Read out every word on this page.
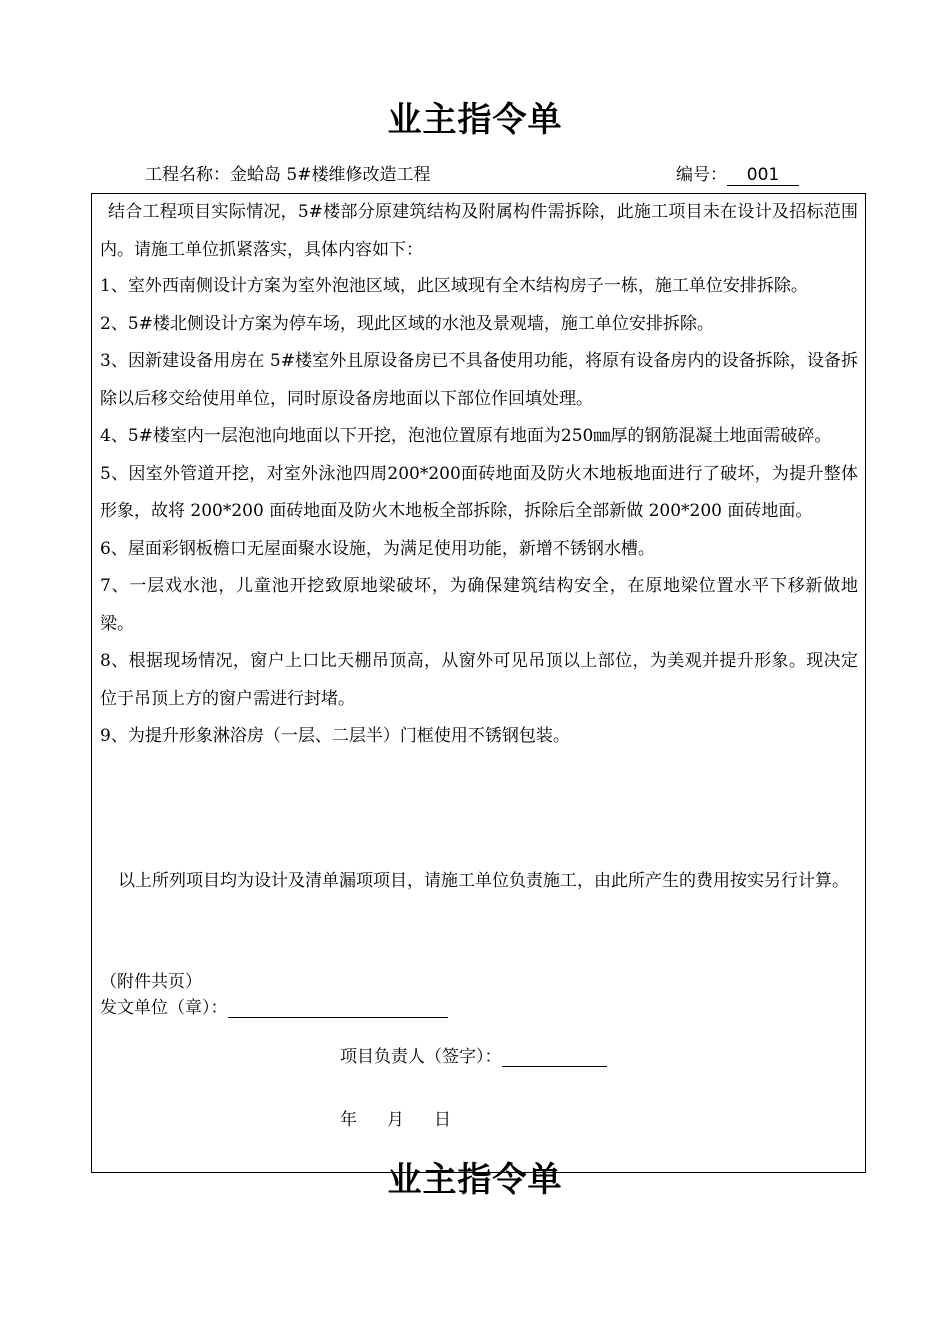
业主指令单
工程名称：金蛤岛 5#楼维修改造工程	编号： 001

结合工程项目实际情况，5#楼部分原建筑结构及附属构件需拆除，此施工项目未在设计及招标范围内。请施工单位抓紧落实，具体内容如下：

1、室外西南侧设计方案为室外泡池区域，此区域现有全木结构房子一栋，施工单位安排拆除。

2、5#楼北侧设计方案为停车场，现此区域的水池及景观墙，施工单位安排拆除。

3、因新建设备用房在 5#楼室外且原设备房已不具备使用功能，将原有设备房内的设备拆除，设备拆除以后移交给使用单位，同时原设备房地面以下部位作回填处理。

4、5#楼室内一层泡池向地面以下开挖，泡池位置原有地面为250㎜厚的钢筋混凝土地面需破碎。

5、因室外管道开挖，对室外泳池四周200*200面砖地面及防火木地板地面进行了破坏，为提升整体形象，故将 200*200 面砖地面及防火木地板全部拆除，拆除后全部新做 200*200 面砖地面。

6、屋面彩钢板檐口无屋面聚水设施，为满足使用功能，新增不锈钢水槽。

7、一层戏水池，儿童池开挖致原地梁破坏，为确保建筑结构安全，在原地梁位置水平下移新做地梁。

8、根据现场情况，窗户上口比天棚吊顶高，从窗外可见吊顶以上部位，为美观并提升形象。现决定位于吊顶上方的窗户需进行封堵。

9、为提升形象淋浴房（一层、二层半）门框使用不锈钢包装。

以上所列项目均为设计及清单漏项项目，请施工单位负责施工，由此所产生的费用按实另行计算。

（附件共页）
发文单位（章）：
项目负责人（签字）：
年 月 日
业主指令单
